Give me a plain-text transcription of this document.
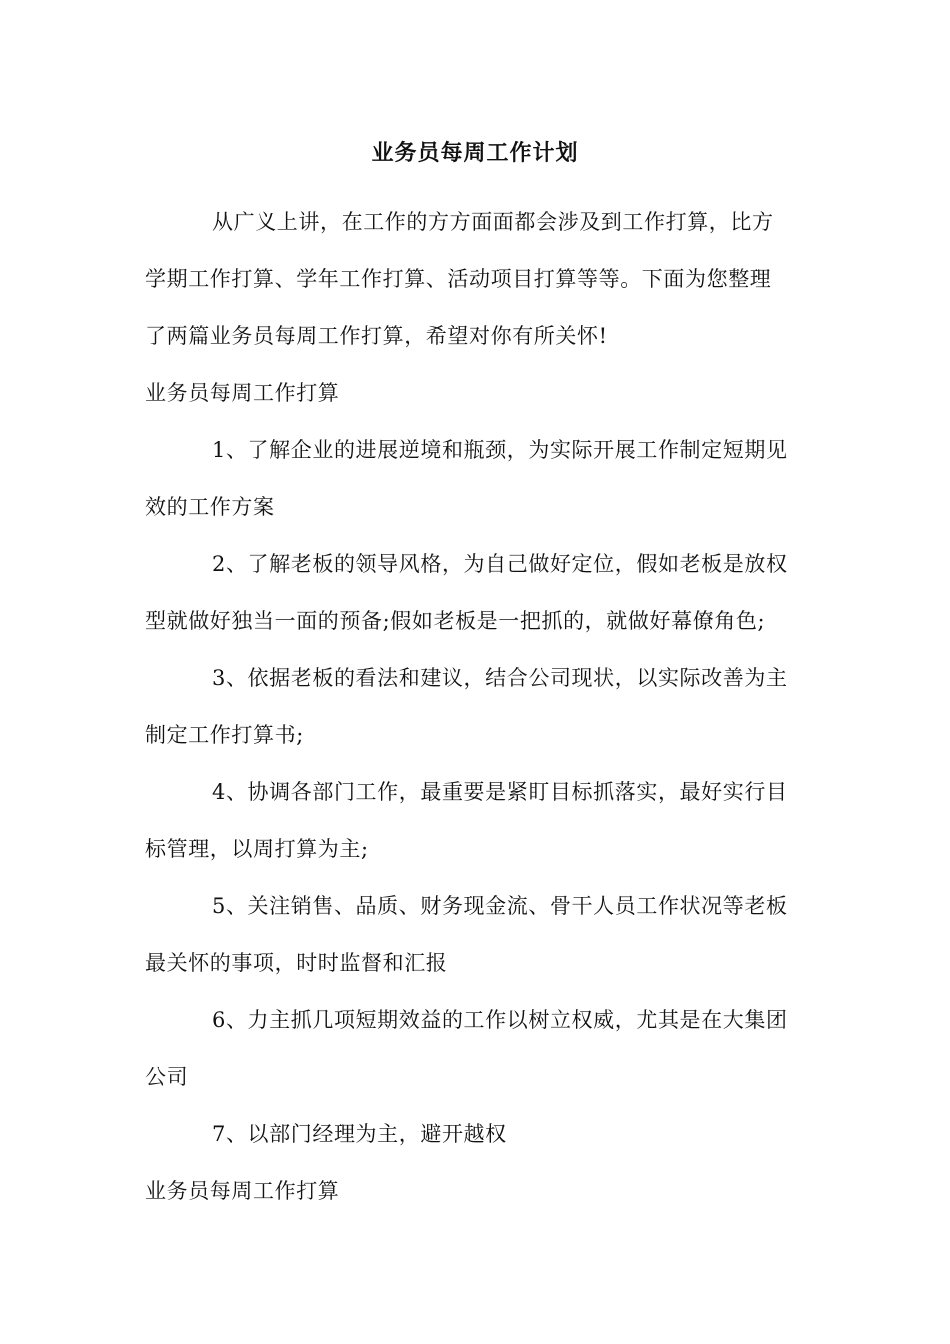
业务员每周工作计划
从广义上讲，在工作的方方面面都会涉及到工作打算，比方
学期工作打算、学年工作打算、活动项目打算等等。下面为您整理
了两篇业务员每周工作打算，希望对你有所关怀!
业务员每周工作打算
1、了解企业的进展逆境和瓶颈，为实际开展工作制定短期见
效的工作方案
2、了解老板的领导风格，为自己做好定位，假如老板是放权
型就做好独当一面的预备;假如老板是一把抓的，就做好幕僚角色;
3、依据老板的看法和建议，结合公司现状，以实际改善为主
制定工作打算书;
4、协调各部门工作，最重要是紧盯目标抓落实，最好实行目
标管理，以周打算为主;
5、关注销售、品质、财务现金流、骨干人员工作状况等老板
最关怀的事项，时时监督和汇报
6、力主抓几项短期效益的工作以树立权威，尤其是在大集团
公司
7、以部门经理为主，避开越权
业务员每周工作打算
